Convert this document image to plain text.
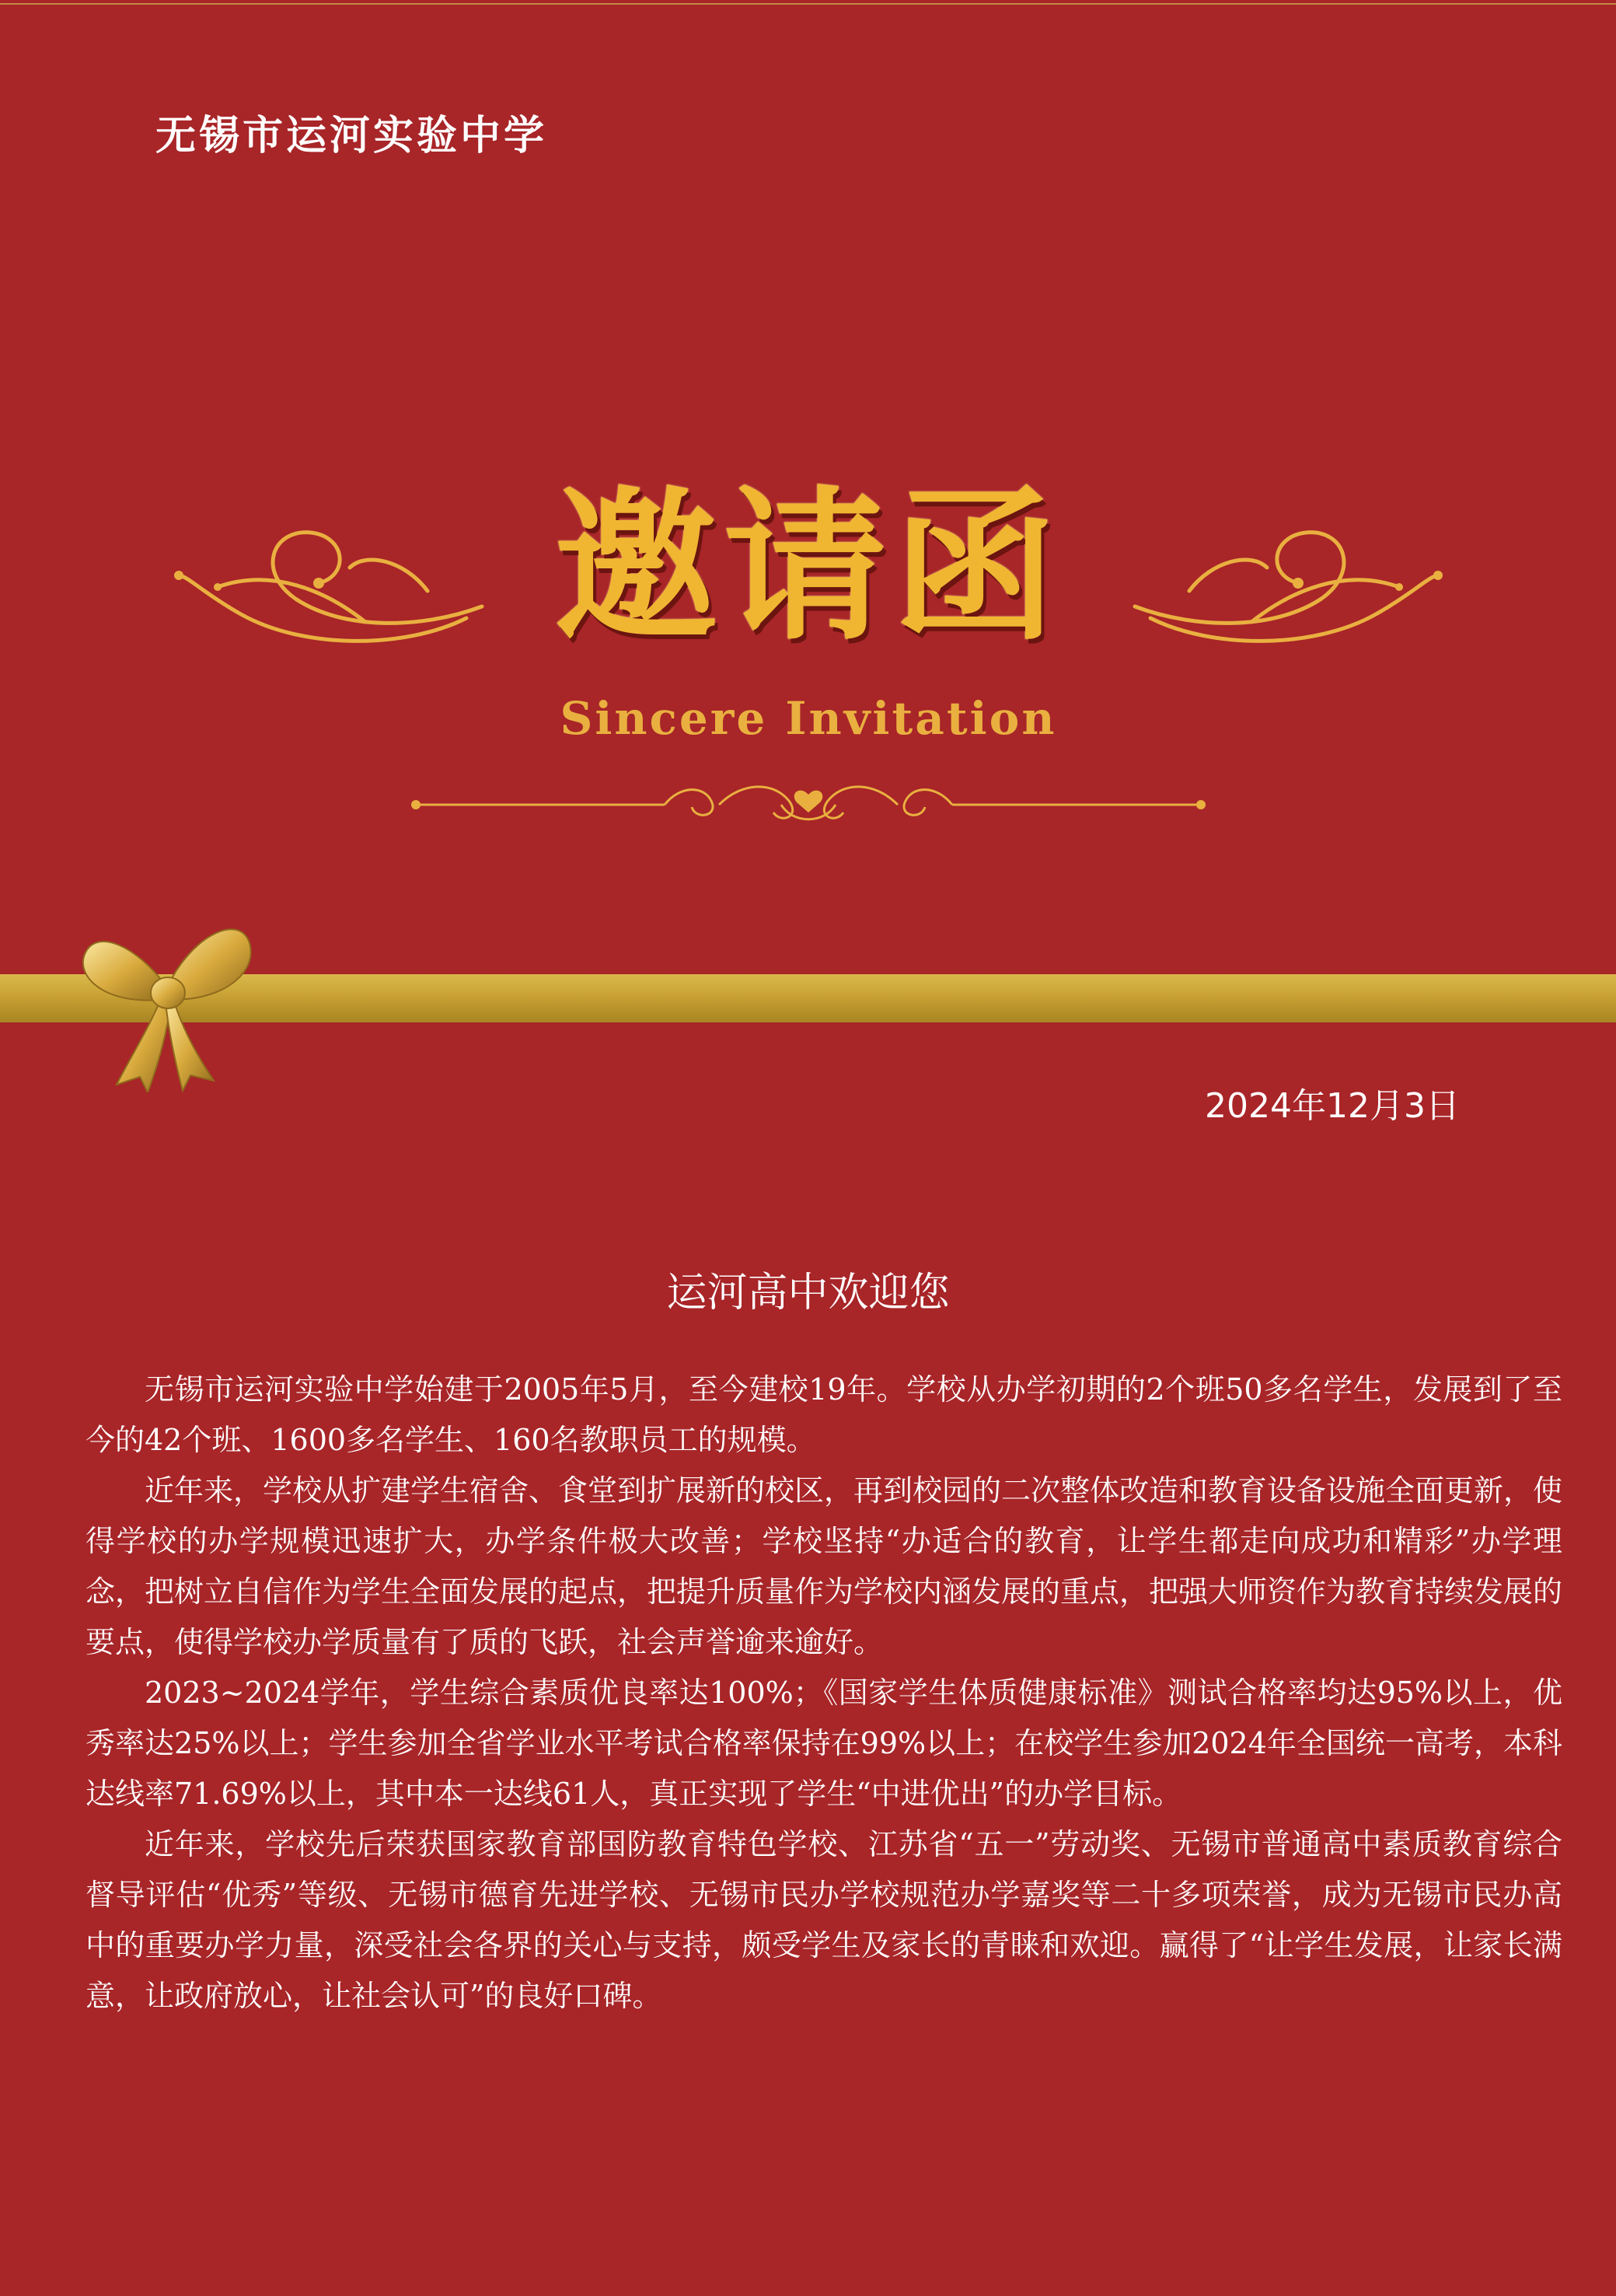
无锡市运河实验中学
邀请函
Sincere Invitation
2024年12月3日
运河高中欢迎您

无锡市运河实验中学始建于2005年5月，至今建校19年。学校从办学初期的2个班50多名学生，发展到了至今的42个班、1600多名学生、160名教职员工的规模。

近年来，学校从扩建学生宿舍、食堂到扩展新的校区，再到校园的二次整体改造和教育设备设施全面更新，使得学校的办学规模迅速扩大，办学条件极大改善；学校坚持“办适合的教育，让学生都走向成功和精彩”办学理念，把树立自信作为学生全面发展的起点，把提升质量作为学校内涵发展的重点，把强大师资作为教育持续发展的要点，使得学校办学质量有了质的飞跃，社会声誉逾来逾好。

2023~2024学年，学生综合素质优良率达100%；《国家学生体质健康标准》测试合格率均达95%以上，优秀率达25%以上；学生参加全省学业水平考试合格率保持在99%以上；在校学生参加2024年全国统一高考，本科达线率71.69%以上，其中本一达线61人，真正实现了学生“中进优出”的办学目标。

近年来，学校先后荣获国家教育部国防教育特色学校、江苏省“五一”劳动奖、无锡市普通高中素质教育综合督导评估“优秀”等级、无锡市德育先进学校、无锡市民办学校规范办学嘉奖等二十多项荣誉，成为无锡市民办高中的重要办学力量，深受社会各界的关心与支持，颇受学生及家长的青睐和欢迎。赢得了“让学生发展，让家长满意，让政府放心，让社会认可”的良好口碑。
